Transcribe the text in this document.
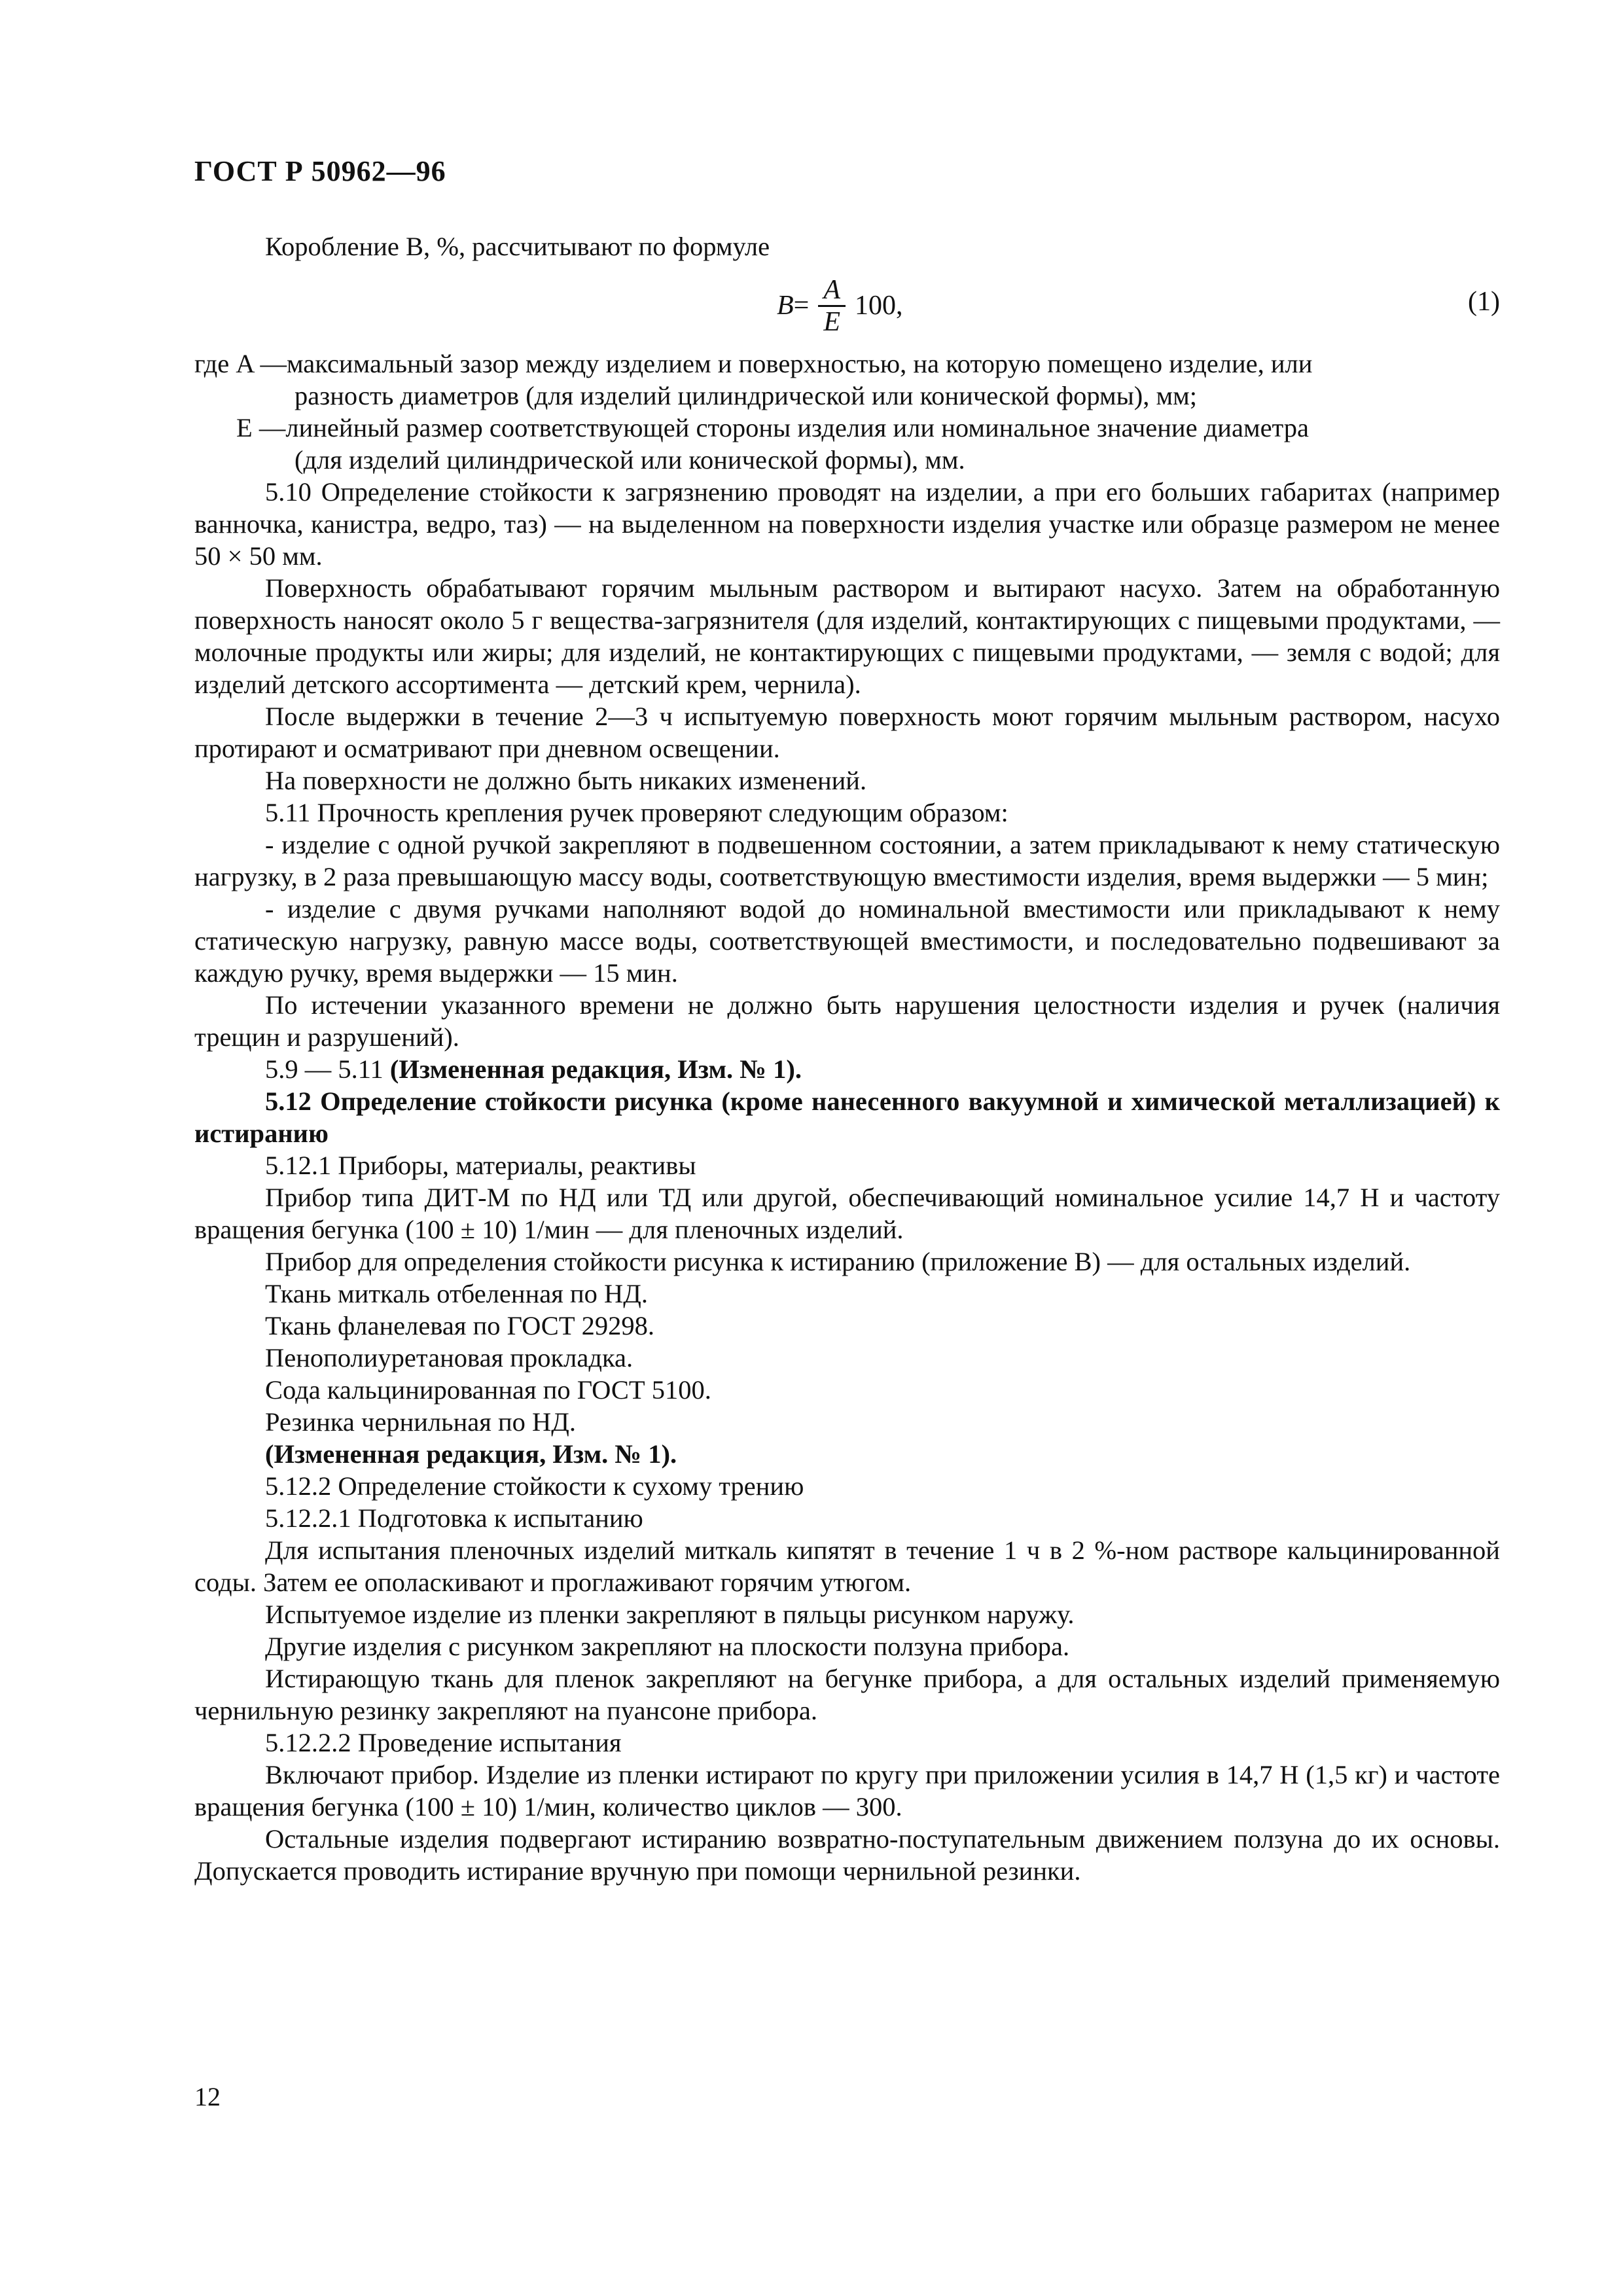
ГОСТ Р 50962—96

Коробление B, %, рассчитывают по формуле

$B = \frac{A}{E} 100$,	(1)
где A — максимальный зазор между изделием и поверхностью, на которую помещено изделие, или
разность диаметров (для изделий цилиндрической или конической формы), мм;
E — линейный размер соответствующей стороны изделия или номинальное значение диаметра
(для изделий цилиндрической или конической формы), мм.

5.10 Определение стойкости к загрязнению проводят на изделии, а при его больших габаритах (например ванночка, канистра, ведро, таз) — на выделенном на поверхности изделия участке или образце размером не менее 50 × 50 мм.

Поверхность обрабатывают горячим мыльным раствором и вытирают насухо. Затем на обработанную поверхность наносят около 5 г вещества-загрязнителя (для изделий, контактирующих с пищевыми продуктами, — молочные продукты или жиры; для изделий, не контактирующих с пищевыми продуктами, — земля с водой; для изделий детского ассортимента — детский крем, чернила).

После выдержки в течение 2—3 ч испытуемую поверхность моют горячим мыльным раствором, насухо протирают и осматривают при дневном освещении.

На поверхности не должно быть никаких изменений.

5.11 Прочность крепления ручек проверяют следующим образом:

- изделие с одной ручкой закрепляют в подвешенном состоянии, а затем прикладывают к нему статическую нагрузку, в 2 раза превышающую массу воды, соответствующую вместимости изделия, время выдержки — 5 мин;

- изделие с двумя ручками наполняют водой до номинальной вместимости или прикладывают к нему статическую нагрузку, равную массе воды, соответствующей вместимости, и последовательно подвешивают за каждую ручку, время выдержки — 15 мин.

По истечении указанного времени не должно быть нарушения целостности изделия и ручек (наличия трещин и разрушений).

5.9 — 5.11 (Измененная редакция, Изм. № 1).

5.12 Определение стойкости рисунка (кроме нанесенного вакуумной и химической металлизацией) к истиранию

5.12.1 Приборы, материалы, реактивы

Прибор типа ДИТ-М по НД или ТД или другой, обеспечивающий номинальное усилие 14,7 Н и частоту вращения бегунка (100 ± 10) 1/мин — для пленочных изделий.

Прибор для определения стойкости рисунка к истиранию (приложение В) — для остальных изделий.

Ткань миткаль отбеленная по НД.

Ткань фланелевая по ГОСТ 29298.

Пенополиуретановая прокладка.

Сода кальцинированная по ГОСТ 5100.

Резинка чернильная по НД.

(Измененная редакция, Изм. № 1).

5.12.2 Определение стойкости к сухому трению

5.12.2.1 Подготовка к испытанию

Для испытания пленочных изделий миткаль кипятят в течение 1 ч в 2 %-ном растворе кальцинированной соды. Затем ее ополаскивают и проглаживают горячим утюгом.

Испытуемое изделие из пленки закрепляют в пяльцы рисунком наружу.

Другие изделия с рисунком закрепляют на плоскости ползуна прибора.

Истирающую ткань для пленок закрепляют на бегунке прибора, а для остальных изделий применяемую чернильную резинку закрепляют на пуансоне прибора.

5.12.2.2 Проведение испытания

Включают прибор. Изделие из пленки истирают по кругу при приложении усилия в 14,7 Н (1,5 кг) и частоте вращения бегунка (100 ± 10) 1/мин, количество циклов — 300.

Остальные изделия подвергают истиранию возвратно-поступательным движением ползуна до их основы. Допускается проводить истирание вручную при помощи чернильной резинки.

12
